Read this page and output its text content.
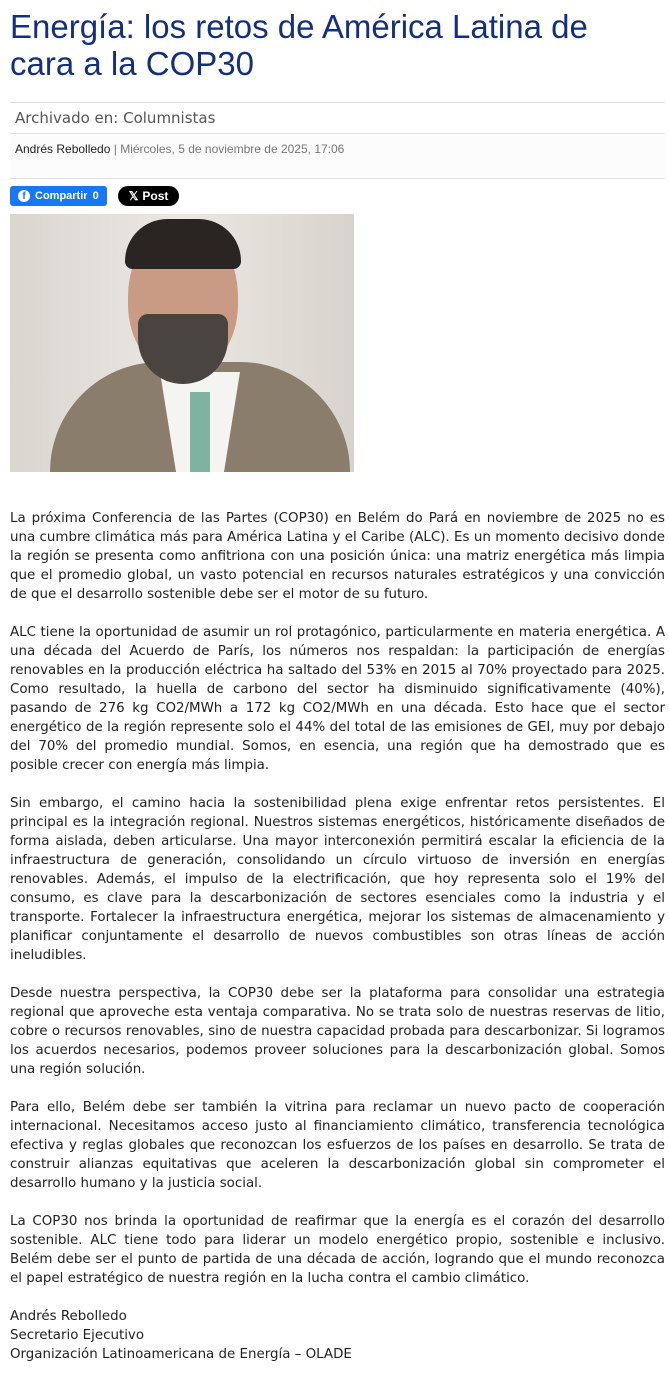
Energía: los retos de América Latina de cara a la COP30
Archivado en: Columnistas
Andrés Rebolledo | Miércoles, 5 de noviembre de 2025, 17:06
f Compartir 0	𝕏 Post

La próxima Conferencia de las Partes (COP30) en Belém do Pará en noviembre de 2025 no es una cumbre climática más para América Latina y el Caribe (ALC). Es un momento decisivo donde la región se presenta como anfitriona con una posición única: una matriz energética más limpia que el promedio global, un vasto potencial en recursos naturales estratégicos y una convicción de que el desarrollo sostenible debe ser el motor de su futuro.

ALC tiene la oportunidad de asumir un rol protagónico, particularmente en materia energética. A una década del Acuerdo de París, los números nos respaldan: la participación de energías renovables en la producción eléctrica ha saltado del 53% en 2015 al 70% proyectado para 2025. Como resultado, la huella de carbono del sector ha disminuido significativamente (40%), pasando de 276 kg CO2/MWh a 172 kg CO2/MWh en una década. Esto hace que el sector energético de la región represente solo el 44% del total de las emisiones de GEI, muy por debajo del 70% del promedio mundial. Somos, en esencia, una región que ha demostrado que es posible crecer con energía más limpia.

Sin embargo, el camino hacia la sostenibilidad plena exige enfrentar retos persistentes. El principal es la integración regional. Nuestros sistemas energéticos, históricamente diseñados de forma aislada, deben articularse. Una mayor interconexión permitirá escalar la eficiencia de la infraestructura de generación, consolidando un círculo virtuoso de inversión en energías renovables. Además, el impulso de la electrificación, que hoy representa solo el 19% del consumo, es clave para la descarbonización de sectores esenciales como la industria y el transporte. Fortalecer la infraestructura energética, mejorar los sistemas de almacenamiento y planificar conjuntamente el desarrollo de nuevos combustibles son otras líneas de acción ineludibles.

Desde nuestra perspectiva, la COP30 debe ser la plataforma para consolidar una estrategia regional que aproveche esta ventaja comparativa. No se trata solo de nuestras reservas de litio, cobre o recursos renovables, sino de nuestra capacidad probada para descarbonizar. Si logramos los acuerdos necesarios, podemos proveer soluciones para la descarbonización global. Somos una región solución.

Para ello, Belém debe ser también la vitrina para reclamar un nuevo pacto de cooperación internacional. Necesitamos acceso justo al financiamiento climático, transferencia tecnológica efectiva y reglas globales que reconozcan los esfuerzos de los países en desarrollo. Se trata de construir alianzas equitativas que aceleren la descarbonización global sin comprometer el desarrollo humano y la justicia social.

La COP30 nos brinda la oportunidad de reafirmar que la energía es el corazón del desarrollo sostenible. ALC tiene todo para liderar un modelo energético propio, sostenible e inclusivo. Belém debe ser el punto de partida de una década de acción, logrando que el mundo reconozca el papel estratégico de nuestra región en la lucha contra el cambio climático.

Andrés Rebolledo
Secretario Ejecutivo
Organización Latinoamericana de Energía – OLADE
